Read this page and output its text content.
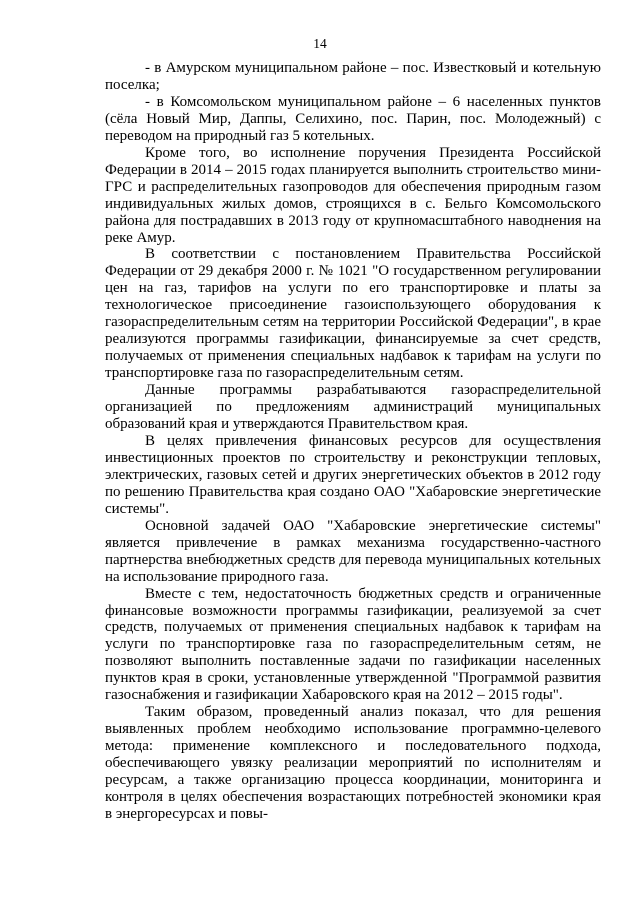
14

- в Амурском муниципальном районе – пос. Известковый и котельную поселка;

- в Комсомольском муниципальном районе – 6 населенных пунктов (сёла Новый Мир, Даппы, Селихино, пос. Парин, пос. Молодежный) с переводом на природный газ 5 котельных.

Кроме того, во исполнение поручения Президента Российской Федерации в 2014 – 2015 годах планируется выполнить строительство мини-ГРС и распределительных газопроводов для обеспечения природным газом индивидуальных жилых домов, строящихся в с. Бельго Комсомольского района для пострадавших в 2013 году от крупномасштабного наводнения на реке Амур.

В соответствии с постановлением Правительства Российской Федерации от 29 декабря 2000 г. № 1021 "О государственном регулировании цен на газ, тарифов на услуги по его транспортировке и платы за технологическое присоединение газоиспользующего оборудования к газораспределительным сетям на территории Российской Федерации", в крае реализуются программы газификации, финансируемые за счет средств, получаемых от применения специальных надбавок к тарифам на услуги по транспортировке газа по газораспределительным сетям.

Данные программы разрабатываются газораспределительной организацией по предложениям администраций муниципальных образований края и утверждаются Правительством края.

В целях привлечения финансовых ресурсов для осуществления инвестиционных проектов по строительству и реконструкции тепловых, электрических, газовых сетей и других энергетических объектов в 2012 году по решению Правительства края создано ОАО "Хабаровские энергетические системы".

Основной задачей ОАО "Хабаровские энергетические системы" является привлечение в рамках механизма государственно-частного партнерства внебюджетных средств для перевода муниципальных котельных на использование природного газа.

Вместе с тем, недостаточность бюджетных средств и ограниченные финансовые возможности программы газификации, реализуемой за счет средств, получаемых от применения специальных надбавок к тарифам на услуги по транспортировке газа по газораспределительным сетям, не позволяют выполнить поставленные задачи по газификации населенных пунктов края в сроки, установленные утвержденной "Программой развития газоснабжения и газификации Хабаровского края на 2012 – 2015 годы".

Таким образом, проведенный анализ показал, что для решения выявленных проблем необходимо использование программно-целевого метода: применение комплексного и последовательного подхода, обеспечивающего увязку реализации мероприятий по исполнителям и ресурсам, а также организацию процесса координации, мониторинга и контроля в целях обеспечения возрастающих потребностей экономики края в энергоресурсах и повы-
